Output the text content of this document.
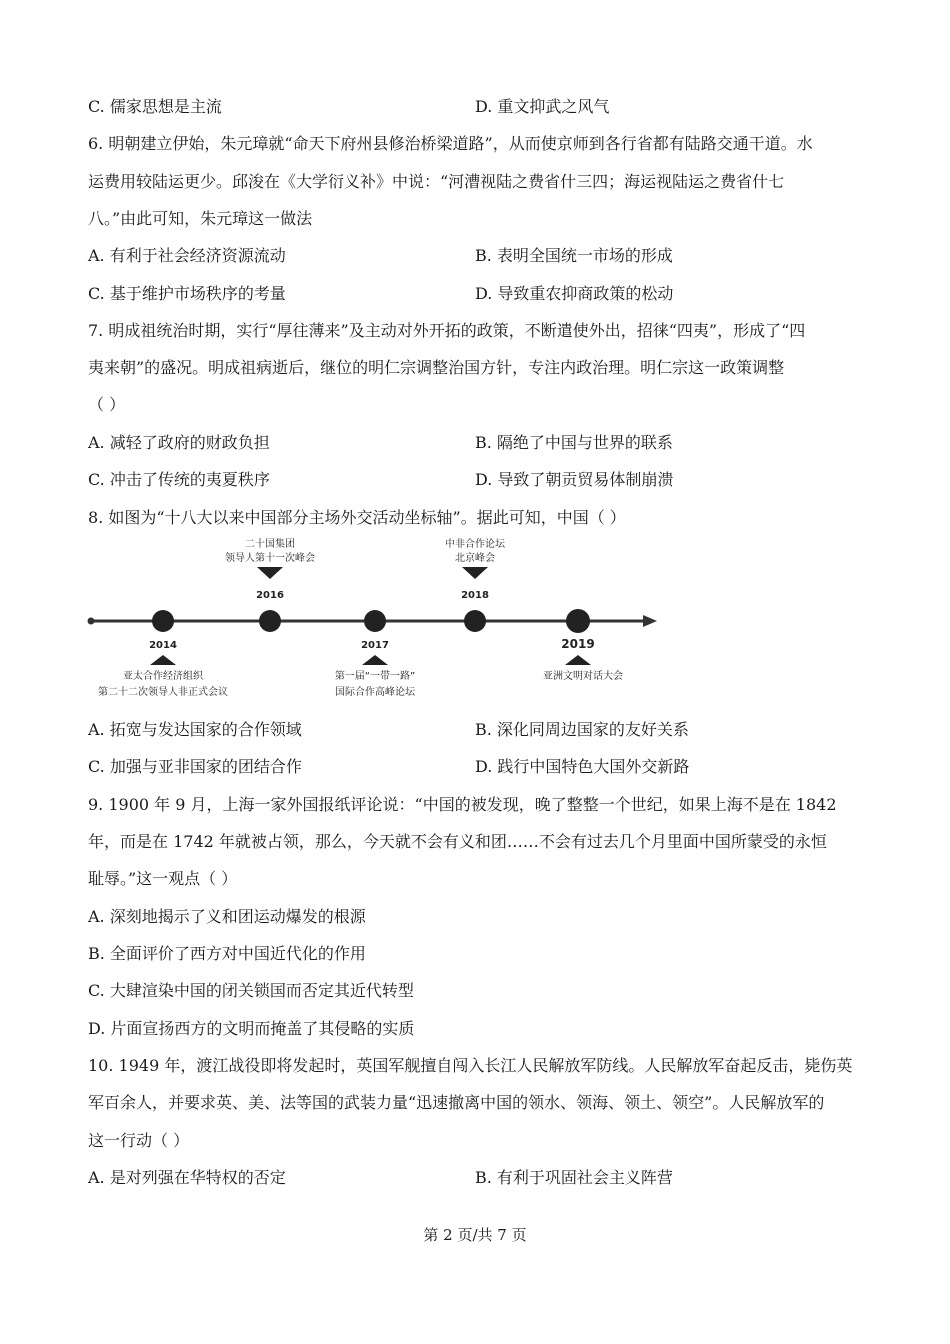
C. 儒家思想是主流	D. 重文抑武之风气
6. 明朝建立伊始，朱元璋就“命天下府州县修治桥梁道路”，从而使京师到各行省都有陆路交通干道。水
运费用较陆运更少。邱浚在《大学衍义补》中说：“河漕视陆之费省什三四；海运视陆运之费省什七
八。”由此可知，朱元璋这一做法
A. 有利于社会经济资源流动	B. 表明全国统一市场的形成
C. 基于维护市场秩序的考量	D. 导致重农抑商政策的松动
7. 明成祖统治时期，实行“厚往薄来”及主动对外开拓的政策，不断遣使外出，招徕“四夷”，形成了“四
夷来朝”的盛况。明成祖病逝后，继位的明仁宗调整治国方针，专注内政治理。明仁宗这一政策调整
（ ）
A. 减轻了政府的财政负担	B. 隔绝了中国与世界的联系
C. 冲击了传统的夷夏秩序	D. 导致了朝贡贸易体制崩溃
8. 如图为“十八大以来中国部分主场外交活动坐标轴”。据此可知，中国（ ）
2014
亚太合作经济组织
第二十二次领导人非正式会议
2016
二十国集团
领导人第十一次峰会
2017
第一届“一带一路”
国际合作高峰论坛
2018
中非合作论坛
北京峰会
2019
亚洲文明对话大会
A. 拓宽与发达国家的合作领域	B. 深化同周边国家的友好关系
C. 加强与亚非国家的团结合作	D. 践行中国特色大国外交新路
9. 1900 年 9 月，上海一家外国报纸评论说：“中国的被发现，晚了整整一个世纪，如果上海不是在 1842
年，而是在 1742 年就被占领，那么，今天就不会有义和团……不会有过去几个月里面中国所蒙受的永恒
耻辱。”这一观点（ ）
A. 深刻地揭示了义和团运动爆发的根源
B. 全面评价了西方对中国近代化的作用
C. 大肆渲染中国的闭关锁国而否定其近代转型
D. 片面宣扬西方的文明而掩盖了其侵略的实质
10. 1949 年，渡江战役即将发起时，英国军舰擅自闯入长江人民解放军防线。人民解放军奋起反击，毙伤英
军百余人，并要求英、美、法等国的武装力量“迅速撤离中国的领水、领海、领土、领空”。人民解放军的
这一行动（ ）
A. 是对列强在华特权的否定	B. 有利于巩固社会主义阵营
第 2 页/共 7 页
